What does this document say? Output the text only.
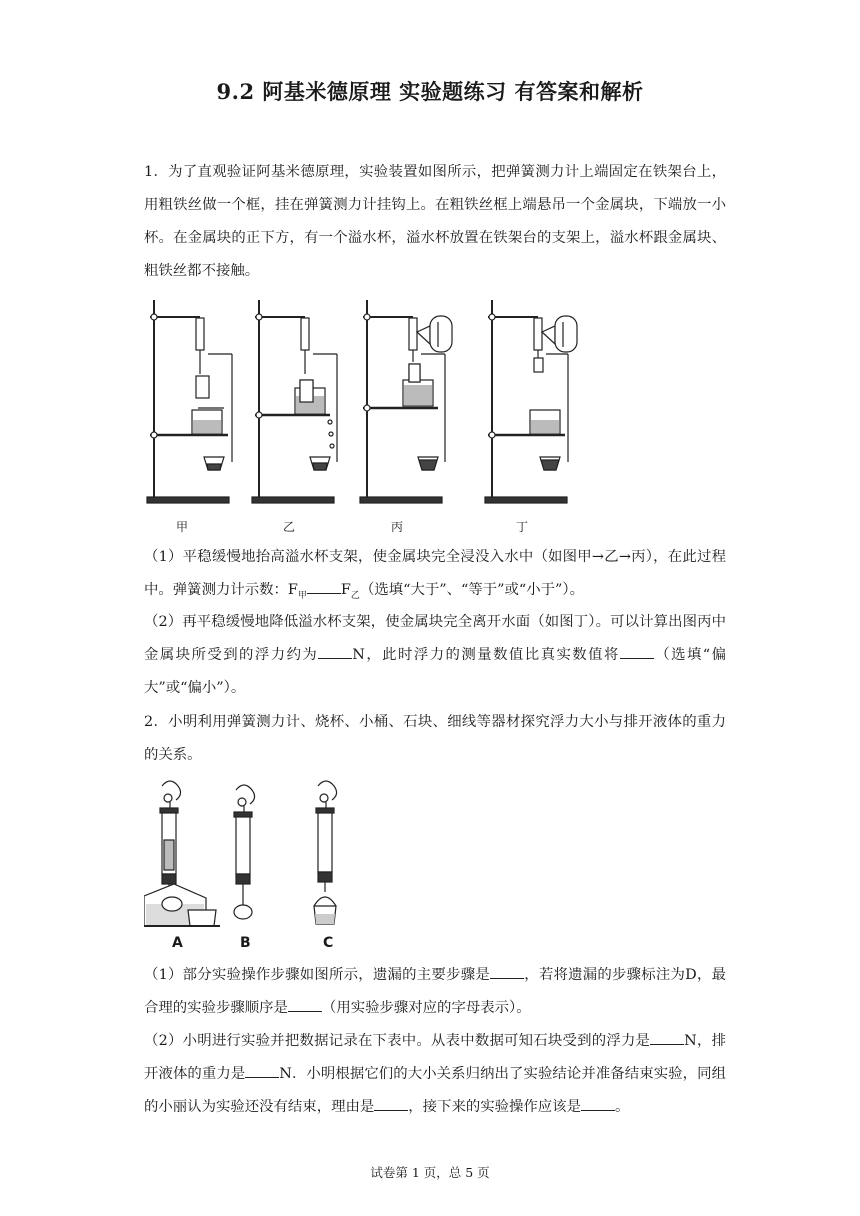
9.2 阿基米德原理 实验题练习 有答案和解析
1．为了直观验证阿基米德原理，实验装置如图所示，把弹簧测力计上端固定在铁架台上，用粗铁丝做一个框，挂在弹簧测力计挂钩上。在粗铁丝框上端悬吊一个金属块，下端放一小杯。在金属块的正下方，有一个溢水杯，溢水杯放置在铁架台的支架上，溢水杯跟金属块、粗铁丝都不接触。
甲	乙	丙	丁
（1）平稳缓慢地抬高溢水杯支架，使金属块完全浸没入水中（如图甲→乙→丙），在此过程中。弹簧测力计示数：$F_甲$ $F_乙$（选填“大于”、“等于”或“小于”）。
（2）再平稳缓慢地降低溢水杯支架，使金属块完全离开水面（如图丁）。可以计算出图丙中金属块所受到的浮力约为 N，此时浮力的测量数值比真实数值将 （选填“偏大”或“偏小”）。
2．小明利用弹簧测力计、烧杯、小桶、石块、细线等器材探究浮力大小与排开液体的重力的关系。
A	B	C
（1）部分实验操作步骤如图所示，遗漏的主要步骤是 ，若将遗漏的步骤标注为D，最合理的实验步骤顺序是 （用实验步骤对应的字母表示）。
（2）小明进行实验并把数据记录在下表中。从表中数据可知石块受到的浮力是 N，排开液体的重力是 N．小明根据它们的大小关系归纳出了实验结论并准备结束实验，同组的小丽认为实验还没有结束，理由是 ，接下来的实验操作应该是 。
试卷第 1 页，总 5 页
